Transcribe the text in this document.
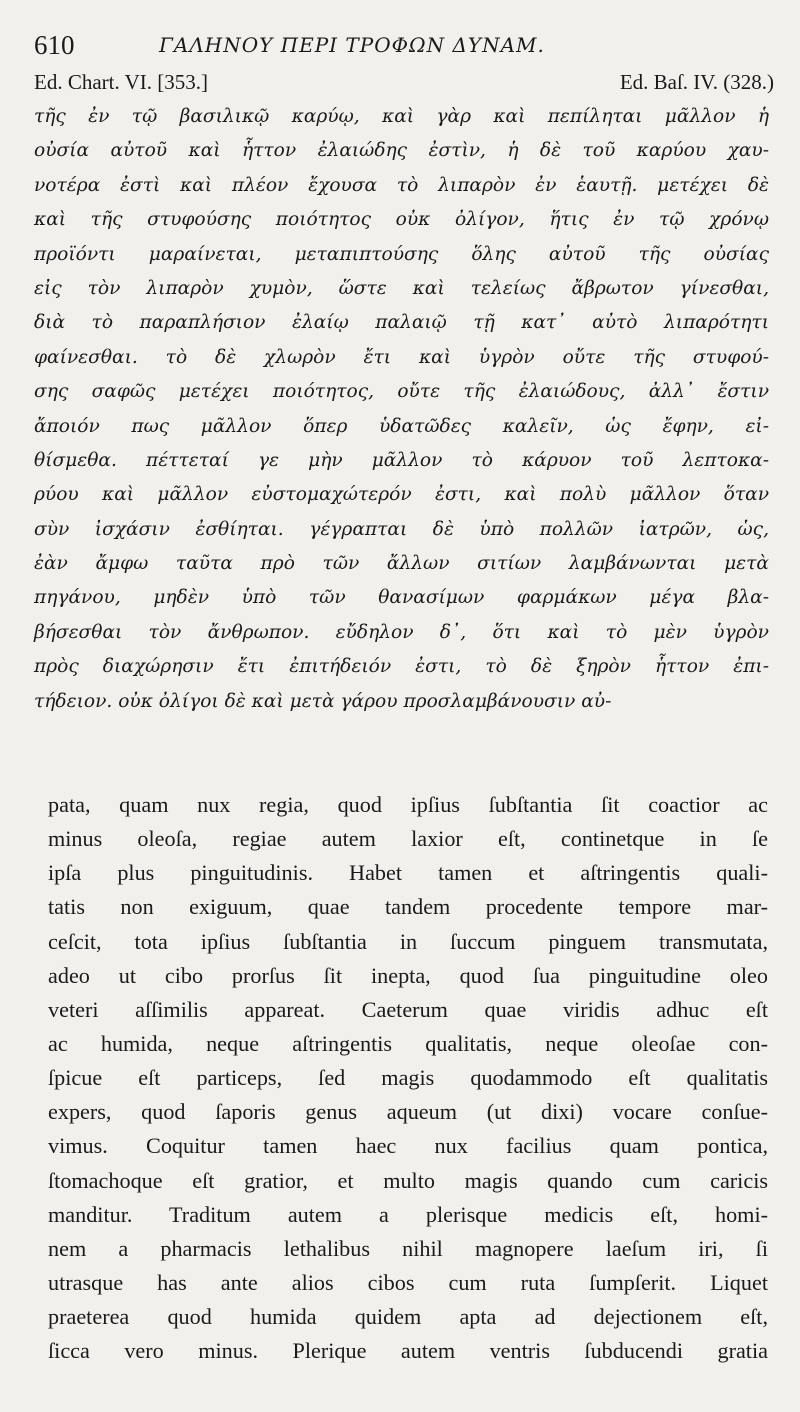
610	ΓΑΛΗΝΟΥ ΠΕΡΙ ΤΡΟΦΩΝ ΔΥΝΑΜ.
Ed. Chart. VI. [353.]	Ed. Baſ. IV. (328.)
τῆς ἐν τῷ βασιλικῷ καρύῳ, καὶ γὰρ καὶ πεπίληται μᾶλλον ἡ
οὐσία αὐτοῦ καὶ ἧττον ἐλαιώδης ἐστὶν, ἡ δὲ τοῦ καρύου χαυ-
νοτέρα ἐστὶ καὶ πλέον ἔχουσα τὸ λιπαρὸν ἐν ἑαυτῇ. μετέχει δὲ
καὶ τῆς στυφούσης ποιότητος οὐκ ὀλίγον, ἥτις ἐν τῷ χρόνῳ
προϊόντι μαραίνεται, μεταπιπτούσης ὅλης αὐτοῦ τῆς οὐσίας
εἰς τὸν λιπαρὸν χυμὸν, ὥστε καὶ τελείως ἄβρωτον γίνεσθαι,
διὰ τὸ παραπλήσιον ἐλαίῳ παλαιῷ τῇ κατ᾽ αὐτὸ λιπαρότητι
φαίνεσθαι. τὸ δὲ χλωρὸν ἔτι καὶ ὑγρὸν οὔτε τῆς στυφού-
σης σαφῶς μετέχει ποιότητος, οὔτε τῆς ἐλαιώδους, ἀλλ᾽ ἔστιν
ἄποιόν πως μᾶλλον ὅπερ ὑδατῶδες καλεῖν, ὡς ἔφην, εἰ-
θίσμεθα. πέττεταί γε μὴν μᾶλλον τὸ κάρυον τοῦ λεπτοκα-
ρύου καὶ μᾶλλον εὐστομαχώτερόν ἐστι, καὶ πολὺ μᾶλλον ὅταν
σὺν ἰσχάσιν ἐσθίηται. γέγραπται δὲ ὑπὸ πολλῶν ἰατρῶν, ὡς,
ἐὰν ἄμφω ταῦτα πρὸ τῶν ἄλλων σιτίων λαμβάνωνται μετὰ
πηγάνου, μηδὲν ὑπὸ τῶν θανασίμων φαρμάκων μέγα βλα-
βήσεσθαι τὸν ἄνθρωπον. εὔδηλον δ᾽, ὅτι καὶ τὸ μὲν ὑγρὸν
πρὸς διαχώρησιν ἔτι ἐπιτήδειόν ἐστι, τὸ δὲ ξηρὸν ἧττον ἐπι-
τήδειον. οὐκ ὀλίγοι δὲ καὶ μετὰ γάρου προσλαμβάνουσιν αὐ-
pata, quam nux regia, quod ipſius ſubſtantia ſit coactior ac
minus oleoſa, regiae autem laxior eſt, continetque in ſe
ipſa plus pinguitudinis. Habet tamen et aſtringentis quali-
tatis non exiguum, quae tandem procedente tempore mar-
ceſcit, tota ipſius ſubſtantia in ſuccum pinguem transmutata,
adeo ut cibo prorſus ſit inepta, quod ſua pinguitudine oleo
veteri aſſimilis appareat. Caeterum quae viridis adhuc eſt
ac humida, neque aſtringentis qualitatis, neque oleoſae con-
ſpicue eſt particeps, ſed magis quodammodo eſt qualitatis
expers, quod ſaporis genus aqueum (ut dixi) vocare conſue-
vimus. Coquitur tamen haec nux facilius quam pontica,
ſtomachoque eſt gratior, et multo magis quando cum caricis
manditur. Traditum autem a plerisque medicis eſt, homi-
nem a pharmacis lethalibus nihil magnopere laeſum iri, ſi
utrasque has ante alios cibos cum ruta ſumpſerit. Liquet
praeterea quod humida quidem apta ad dejectionem eſt,
ſicca vero minus. Plerique autem ventris ſubducendi gratia
